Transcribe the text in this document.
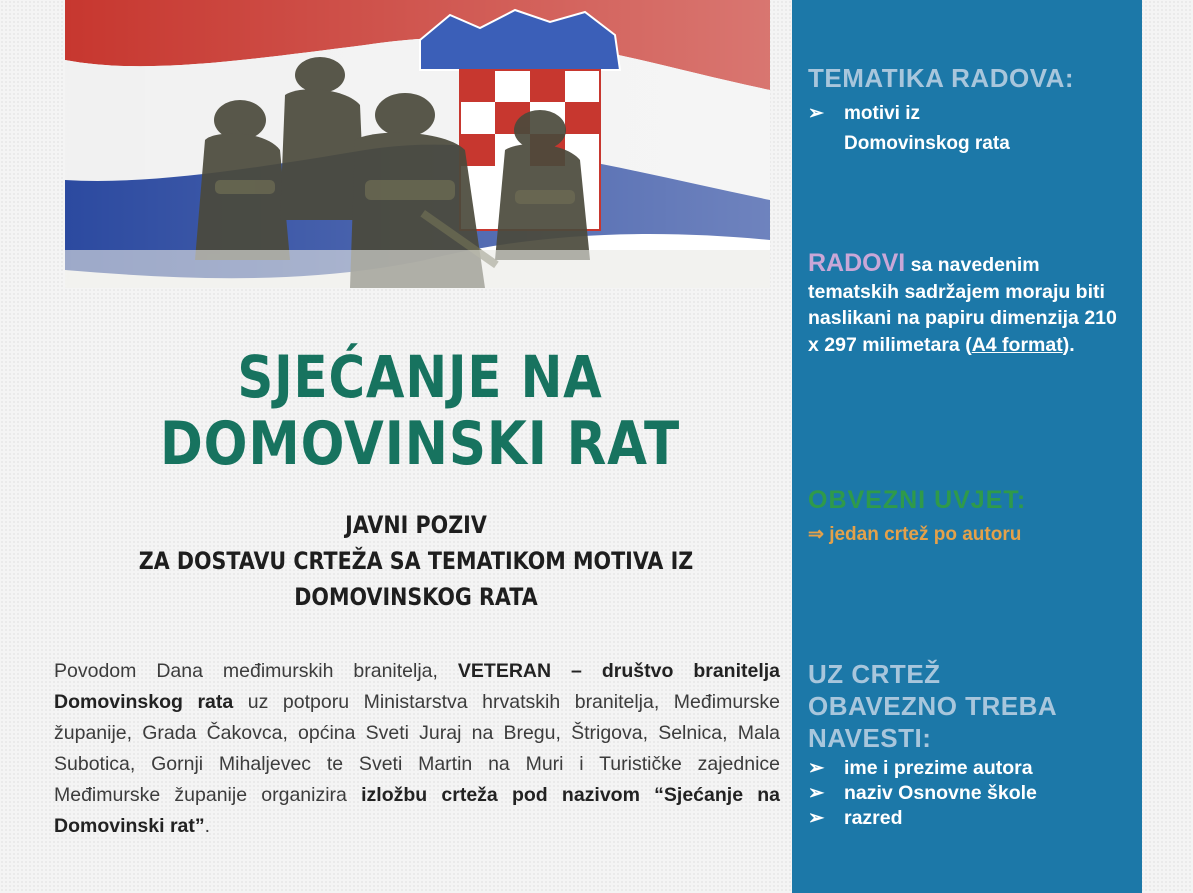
SJEĆANJE NA
DOMOVINSKI RAT
JAVNI POZIV
ZA DOSTAVU CRTEŽA SA TEMATIKOM MOTIVA IZ
DOMOVINSKOG RATA
Povodom Dana međimurskih branitelja, VETERAN – društvo branitelja Domovinskog rata uz potporu Ministarstva hrvatskih branitelja, Međimurske županije, Grada Čakovca, općina Sveti Juraj na Bregu, Štrigova, Selnica, Mala Subotica, Gornji Mihaljevec te Sveti Martin na Muri i Turističke zajednice Međimurske županije organizira izložbu crteža pod nazivom “Sjećanje na Domovinski rat”.
TEMATIKA RADOVA:
➢	motivi iz
Domovinskog rata
RADOVI sa navedenim tematskih sadržajem moraju biti naslikani na papiru dimenzija 210 x 297 milimetara (A4 format).
OBVEZNI UVJET:
⇒ jedan crtež po autoru
UZ CRTEŽ
OBAVEZNO TREBA
NAVESTI:
➢	ime i prezime autora
➢	naziv Osnovne škole
➢	razred
